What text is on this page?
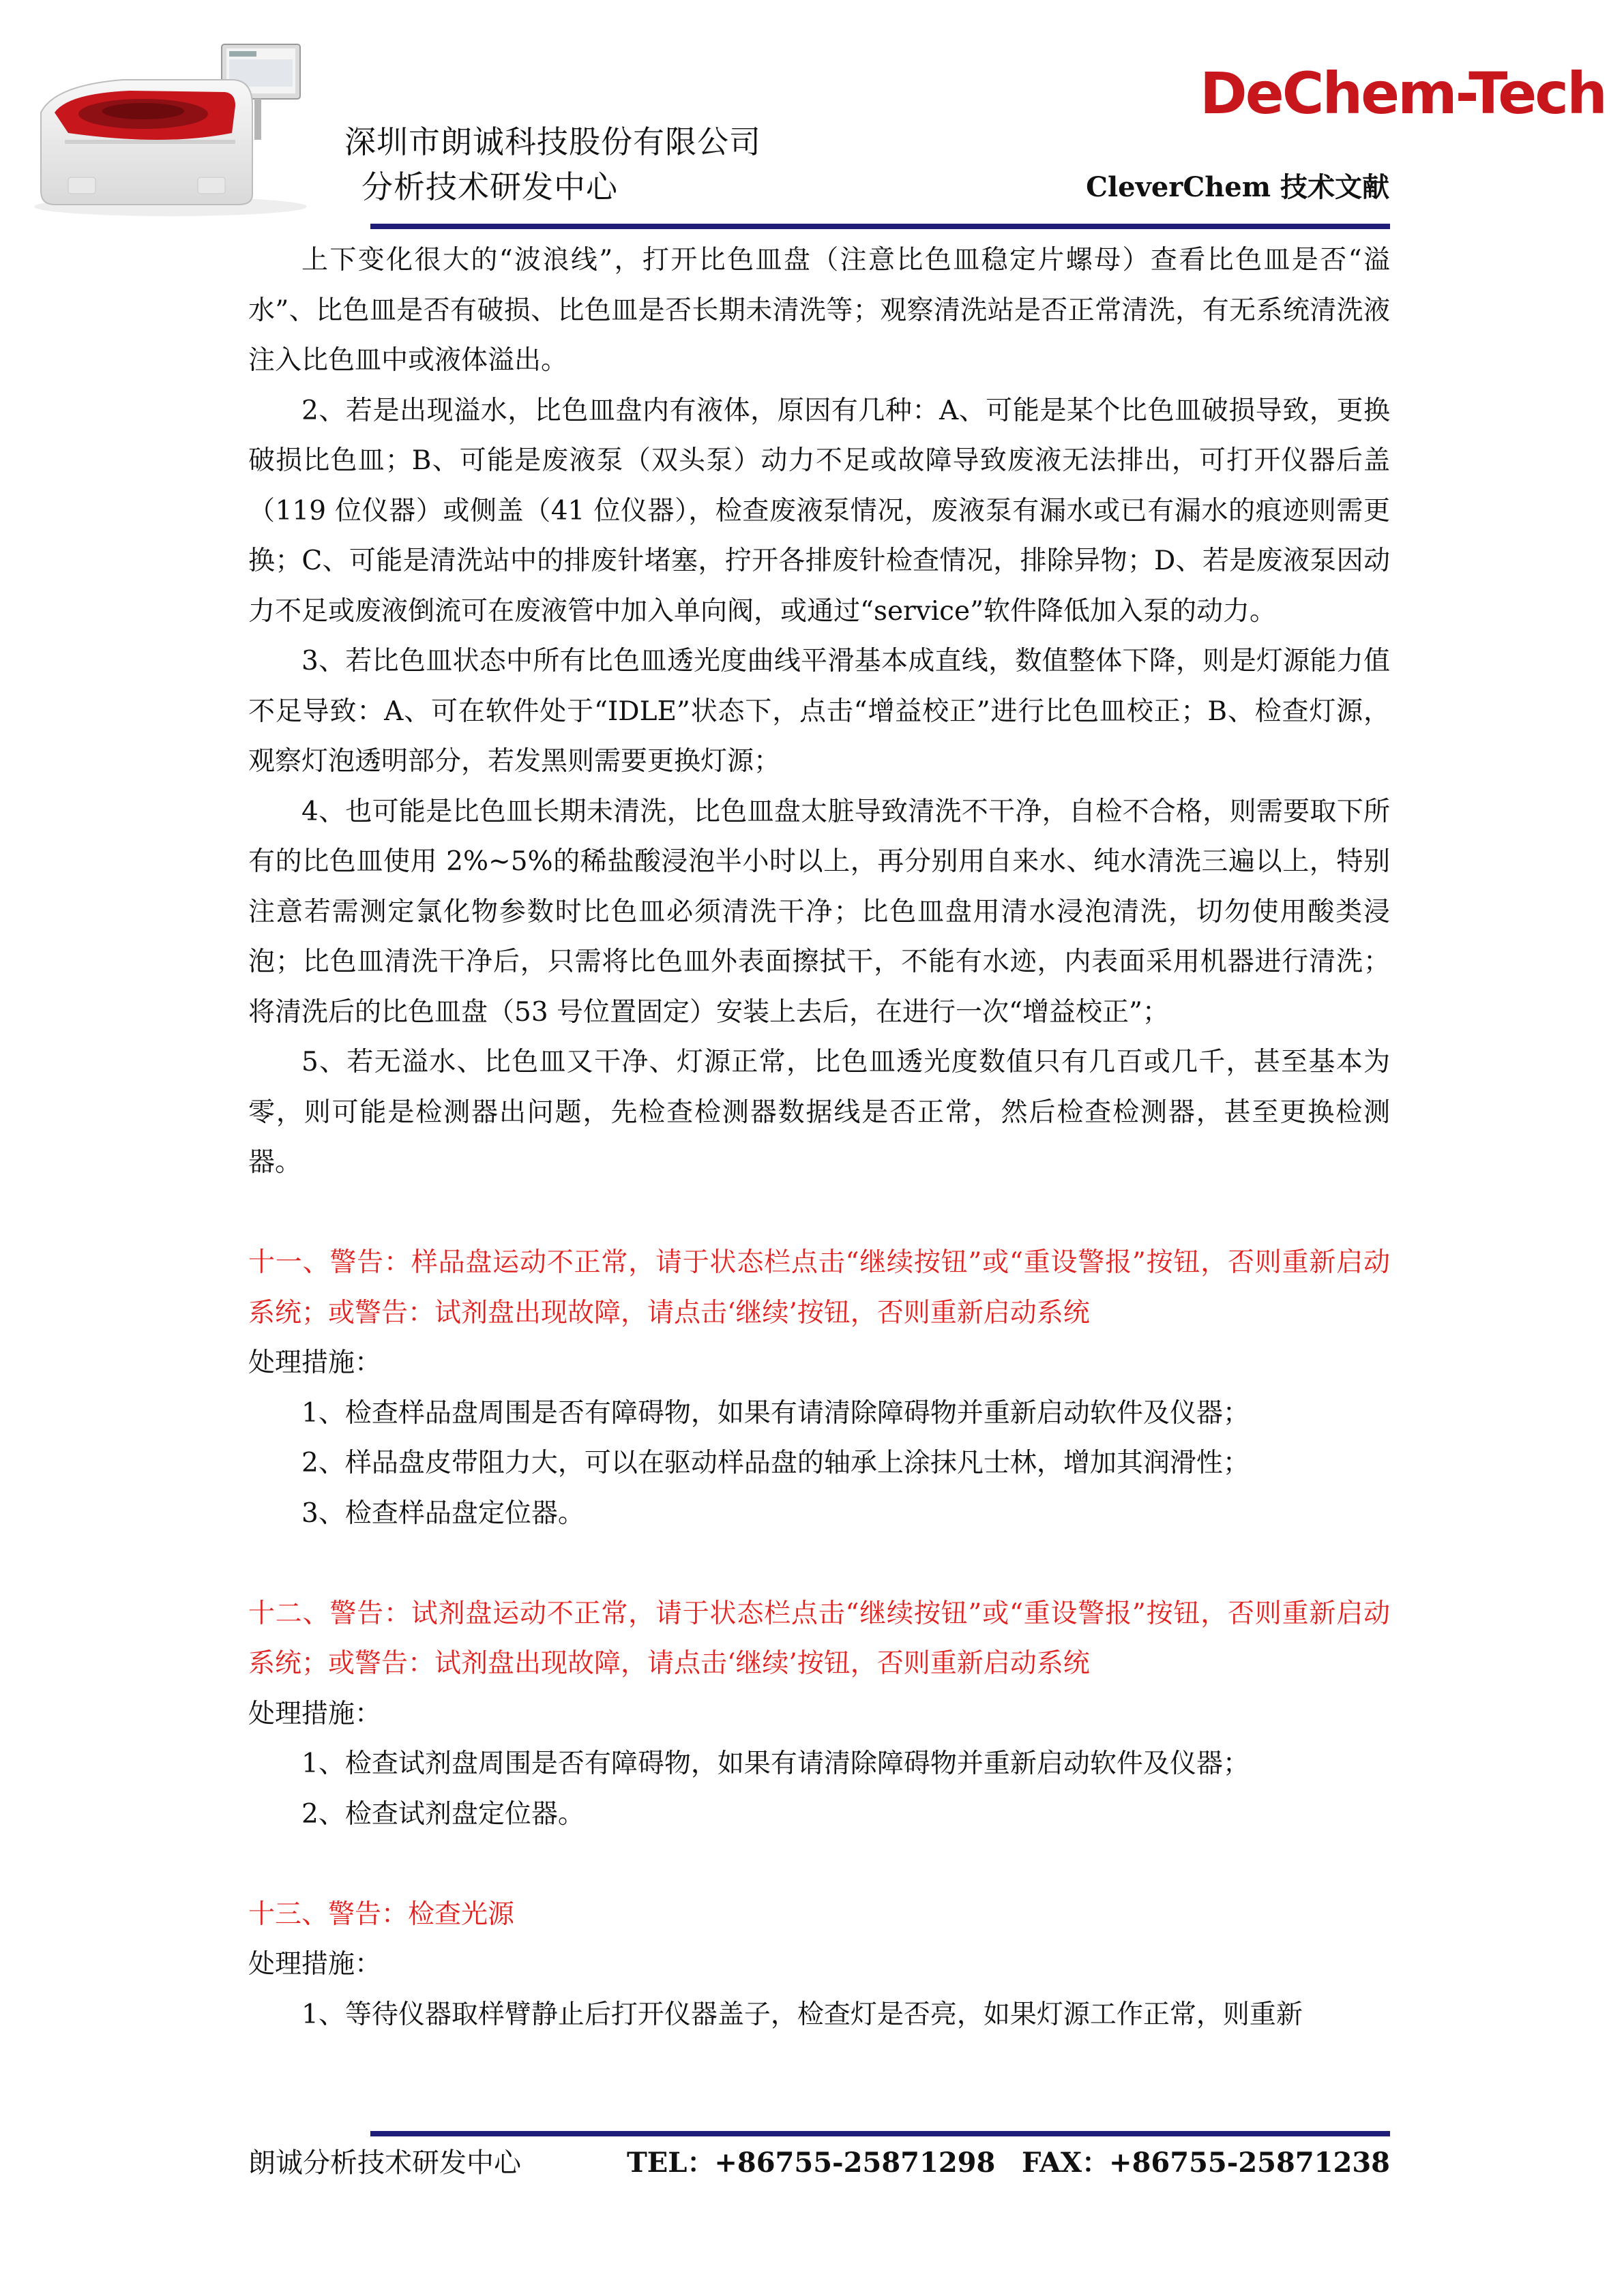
深圳市朗诚科技股份有限公司
分析技术研发中心
DeChem-Tech
CleverChem 技术文献

上下变化很大的“波浪线”，打开比色皿盘（注意比色皿稳定片螺母）查看比色皿是否“溢水”、比色皿是否有破损、比色皿是否长期未清洗等；观察清洗站是否正常清洗，有无系统清洗液注入比色皿中或液体溢出。

2、若是出现溢水，比色皿盘内有液体，原因有几种：A、可能是某个比色皿破损导致，更换破损比色皿；B、可能是废液泵（双头泵）动力不足或故障导致废液无法排出，可打开仪器后盖（119 位仪器）或侧盖（41 位仪器），检查废液泵情况，废液泵有漏水或已有漏水的痕迹则需更换；C、可能是清洗站中的排废针堵塞，拧开各排废针检查情况，排除异物；D、若是废液泵因动力不足或废液倒流可在废液管中加入单向阀，或通过“service”软件降低加入泵的动力。

3、若比色皿状态中所有比色皿透光度曲线平滑基本成直线，数值整体下降，则是灯源能力值不足导致：A、可在软件处于“IDLE”状态下，点击“增益校正”进行比色皿校正；B、检查灯源，观察灯泡透明部分，若发黑则需要更换灯源；

4、也可能是比色皿长期未清洗，比色皿盘太脏导致清洗不干净，自检不合格，则需要取下所有的比色皿使用 2%~5%的稀盐酸浸泡半小时以上，再分别用自来水、纯水清洗三遍以上，特别注意若需测定氯化物参数时比色皿必须清洗干净；比色皿盘用清水浸泡清洗，切勿使用酸类浸泡；比色皿清洗干净后，只需将比色皿外表面擦拭干，不能有水迹，内表面采用机器进行清洗；将清洗后的比色皿盘（53 号位置固定）安装上去后，在进行一次“增益校正”；

5、若无溢水、比色皿又干净、灯源正常，比色皿透光度数值只有几百或几千，甚至基本为零，则可能是检测器出问题，先检查检测器数据线是否正常，然后检查检测器，甚至更换检测器。

十一、警告：样品盘运动不正常，请于状态栏点击“继续按钮”或“重设警报”按钮，否则重新启动系统；或警告：试剂盘出现故障，请点击‘继续’按钮，否则重新启动系统

处理措施：

1、检查样品盘周围是否有障碍物，如果有请清除障碍物并重新启动软件及仪器；

2、样品盘皮带阻力大，可以在驱动样品盘的轴承上涂抹凡士林，增加其润滑性；

3、检查样品盘定位器。

十二、警告：试剂盘运动不正常，请于状态栏点击“继续按钮”或“重设警报”按钮，否则重新启动系统；或警告：试剂盘出现故障，请点击‘继续’按钮，否则重新启动系统

处理措施：

1、检查试剂盘周围是否有障碍物，如果有请清除障碍物并重新启动软件及仪器；

2、检查试剂盘定位器。

十三、警告：检查光源

处理措施：

1、等待仪器取样臂静止后打开仪器盖子，检查灯是否亮，如果灯源工作正常，则重新

朗诚分析技术研发中心	TEL：+86755-25871298 FAX：+86755-25871238
